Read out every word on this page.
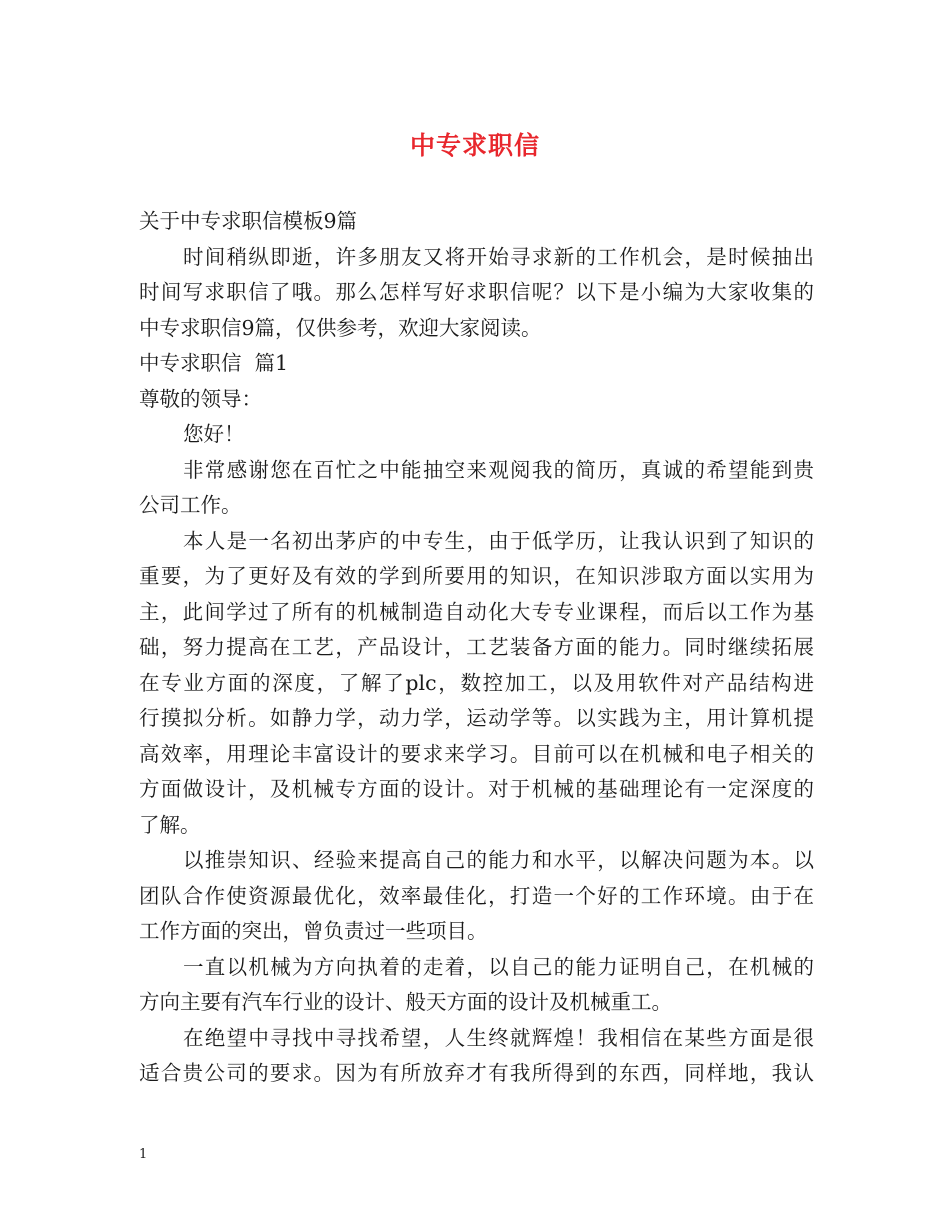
中专求职信
关于中专求职信模板9篇
时间稍纵即逝，许多朋友又将开始寻求新的工作机会，是时候抽出
时间写求职信了哦。那么怎样写好求职信呢？以下是小编为大家收集的
中专求职信9篇，仅供参考，欢迎大家阅读。
中专求职信  篇1
尊敬的领导：
您好！
非常感谢您在百忙之中能抽空来观阅我的简历，真诚的希望能到贵
公司工作。
本人是一名初出茅庐的中专生，由于低学历，让我认识到了知识的
重要，为了更好及有效的学到所要用的知识，在知识涉取方面以实用为
主，此间学过了所有的机械制造自动化大专专业课程，而后以工作为基
础，努力提高在工艺，产品设计，工艺装备方面的能力。同时继续拓展
在专业方面的深度，了解了plc，数控加工，以及用软件对产品结构进
行摸拟分析。如静力学，动力学，运动学等。以实践为主，用计算机提
高效率，用理论丰富设计的要求来学习。目前可以在机械和电子相关的
方面做设计，及机械专方面的设计。对于机械的基础理论有一定深度的
了解。
以推崇知识、经验来提高自己的能力和水平，以解决问题为本。以
团队合作使资源最优化，效率最佳化，打造一个好的工作环境。由于在
工作方面的突出，曾负责过一些项目。
一直以机械为方向执着的走着，以自己的能力证明自己，在机械的
方向主要有汽车行业的设计、般天方面的设计及机械重工。
在绝望中寻找中寻找希望，人生终就辉煌！我相信在某些方面是很
适合贵公司的要求。因为有所放弃才有我所得到的东西，同样地，我认
1
